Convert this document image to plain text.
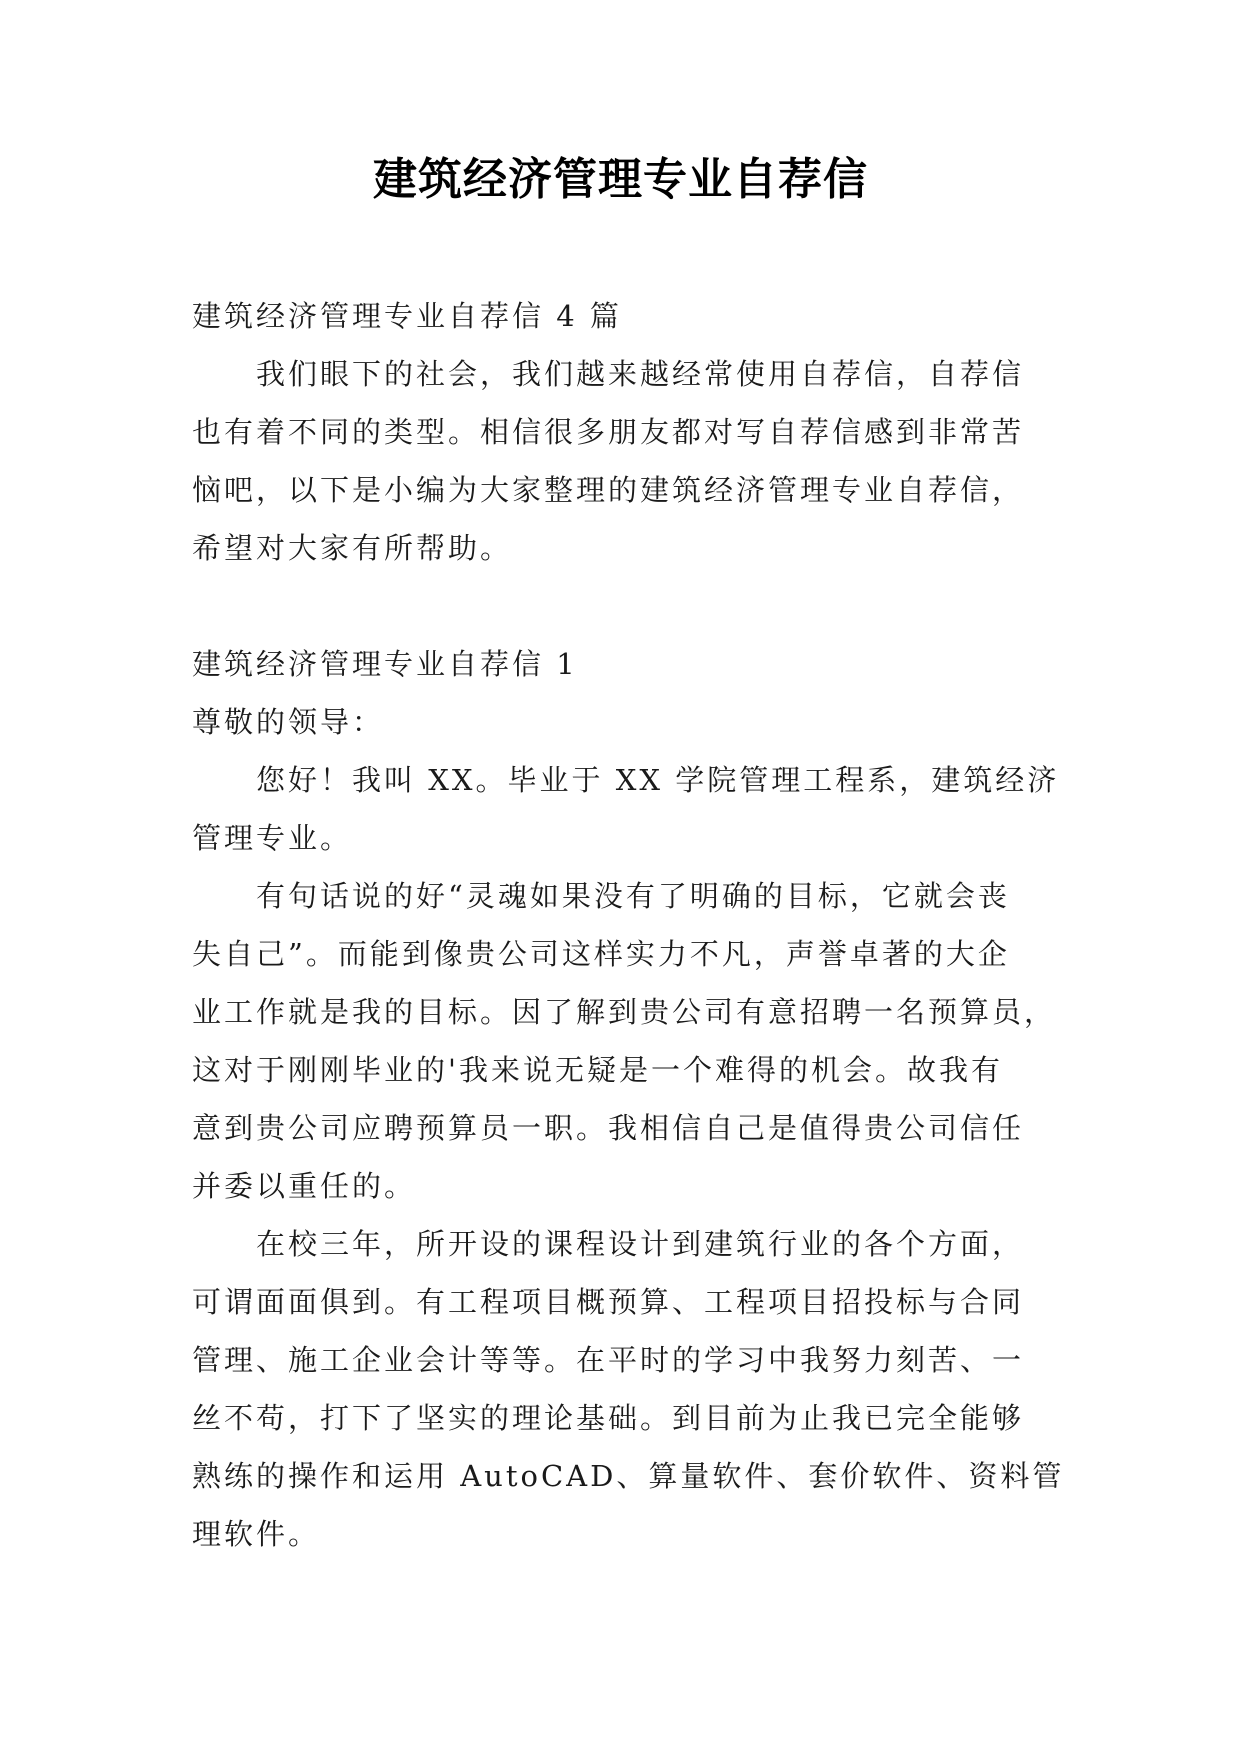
建筑经济管理专业自荐信
建筑经济管理专业自荐信 4 篇
我们眼下的社会，我们越来越经常使用自荐信，自荐信
也有着不同的类型。相信很多朋友都对写自荐信感到非常苦
恼吧，以下是小编为大家整理的建筑经济管理专业自荐信，
希望对大家有所帮助。
建筑经济管理专业自荐信 1
尊敬的领导：
您好！我叫 XX。毕业于 XX 学院管理工程系，建筑经济
管理专业。
有句话说的好“灵魂如果没有了明确的目标，它就会丧
失自己”。而能到像贵公司这样实力不凡，声誉卓著的大企
业工作就是我的目标。因了解到贵公司有意招聘一名预算员，
这对于刚刚毕业的'我来说无疑是一个难得的机会。故我有
意到贵公司应聘预算员一职。我相信自己是值得贵公司信任
并委以重任的。
在校三年，所开设的课程设计到建筑行业的各个方面，
可谓面面俱到。有工程项目概预算、工程项目招投标与合同
管理、施工企业会计等等。在平时的学习中我努力刻苦、一
丝不苟，打下了坚实的理论基础。到目前为止我已完全能够
熟练的操作和运用 AutoCAD、算量软件、套价软件、资料管
理软件。
